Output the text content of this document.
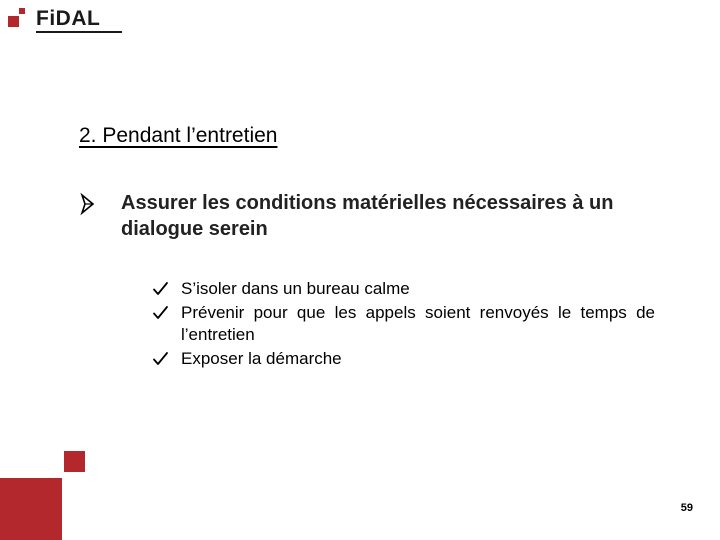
FiDAL
2. Pendant l’entretien
Assurer les conditions matérielles nécessaires à un dialogue serein
S’isoler dans un bureau calme
Prévenir pour que les appels soient renvoyés le temps de l’entretien
Exposer la démarche
59
